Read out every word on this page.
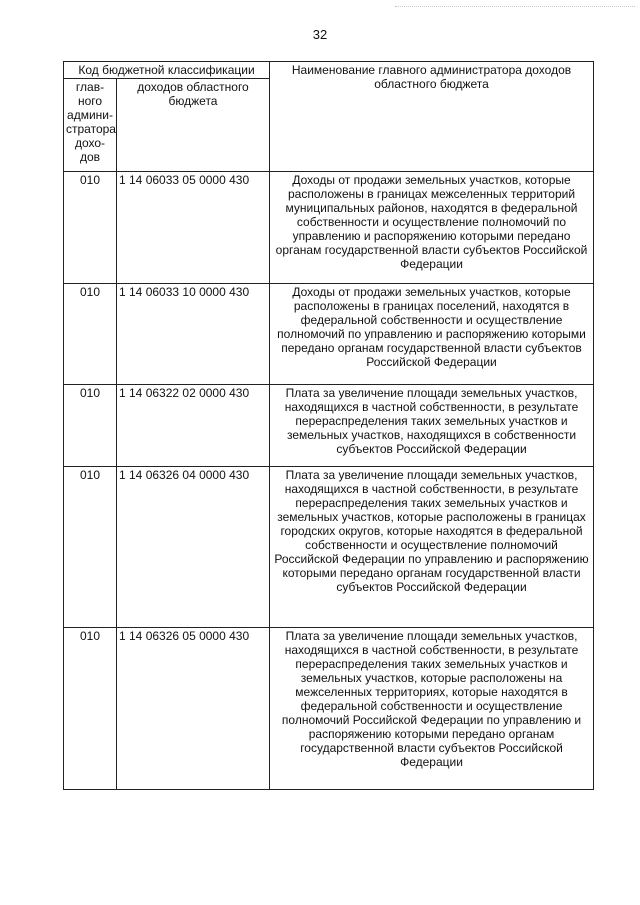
32
Код бюджетной классификации		Наименование главного администратора доходов областного бюджета
глав-ного админи-стратора дохо-дов	доходов областного бюджета	
010	1 14 06033 05 0000 430	Доходы от продажи земельных участков, которые расположены в границах межселенных территорий муниципальных районов, находятся в федеральной собственности и осуществление полномочий по управлению и распоряжению которыми передано органам государственной власти субъектов Российской Федерации
010	1 14 06033 10 0000 430	Доходы от продажи земельных участков, которые расположены в границах поселений, находятся в федеральной собственности и осуществление полномочий по управлению и распоряжению которыми передано органам государственной власти субъектов Российской Федерации
010	1 14 06322 02 0000 430	Плата за увеличение площади земельных участков, находящихся в частной собственности, в результате перераспределения таких земельных участков и земельных участков, находящихся в собственности субъектов Российской Федерации
010	1 14 06326 04 0000 430	Плата за увеличение площади земельных участков, находящихся в частной собственности, в результате перераспределения таких земельных участков и земельных участков, которые расположены в границах городских округов, которые находятся в федеральной собственности и осуществление полномочий Российской Федерации по управлению и распоряжению которыми передано органам государственной власти субъектов Российской Федерации
010	1 14 06326 05 0000 430	Плата за увеличение площади земельных участков, находящихся в частной собственности, в результате перераспределения таких земельных участков и земельных участков, которые расположены на межселенных территориях, которые находятся в федеральной собственности и осуществление полномочий Российской Федерации по управлению и распоряжению которыми передано органам государственной власти субъектов Российской Федерации
